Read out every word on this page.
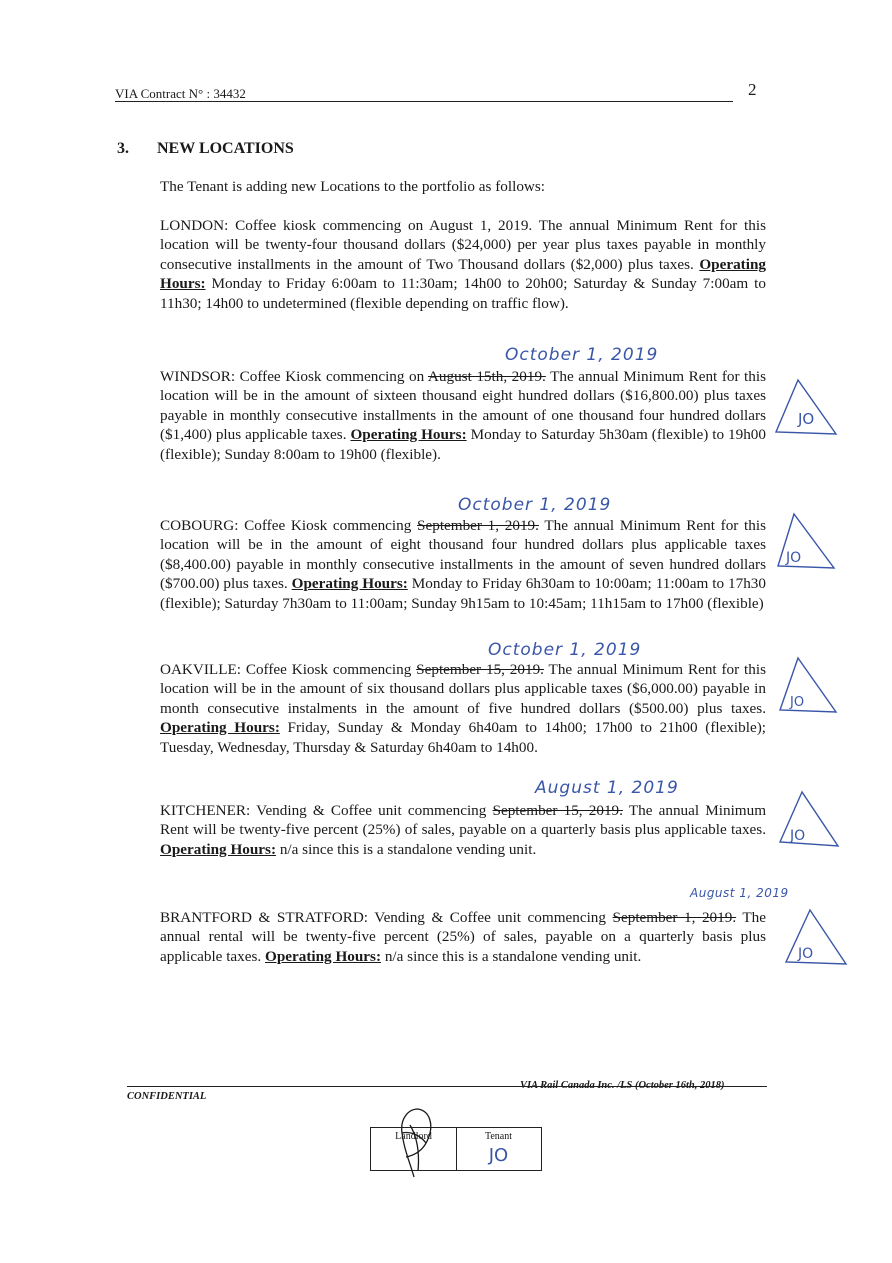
VIA Contract N° : 34432	2
3. NEW LOCATIONS

The Tenant is adding new Locations to the portfolio as follows:

LONDON: Coffee kiosk commencing on August 1, 2019. The annual Minimum Rent for this location will be twenty-four thousand dollars ($24,000) per year plus taxes payable in monthly consecutive installments in the amount of Two Thousand dollars ($2,000) plus taxes. Operating Hours: Monday to Friday 6:00am to 11:30am; 14h00 to 20h00; Saturday & Sunday 7:00am to 11h30; 14h00 to undetermined (flexible depending on traffic flow).

October 1, 2019

WINDSOR: Coffee Kiosk commencing on August 15th, 2019. The annual Minimum Rent for this location will be in the amount of sixteen thousand eight hundred dollars ($16,800.00) plus taxes payable in monthly consecutive installments in the amount of one thousand four hundred dollars ($1,400) plus applicable taxes. Operating Hours: Monday to Saturday 5h30am (flexible) to 19h00 (flexible); Sunday 8:00am to 19h00 (flexible).

JO
October 1, 2019

COBOURG: Coffee Kiosk commencing September 1, 2019. The annual Minimum Rent for this location will be in the amount of eight thousand four hundred dollars plus applicable taxes ($8,400.00) payable in monthly consecutive installments in the amount of seven hundred dollars ($700.00) plus taxes. Operating Hours: Monday to Friday 6h30am to 10:00am; 11:00am to 17h30 (flexible); Saturday 7h30am to 11:00am; Sunday 9h15am to 10:45am; 11h15am to 17h00 (flexible)

JO
October 1, 2019

OAKVILLE: Coffee Kiosk commencing September 15, 2019. The annual Minimum Rent for this location will be in the amount of six thousand dollars plus applicable taxes ($6,000.00) payable in month consecutive instalments in the amount of five hundred dollars ($500.00) plus taxes. Operating Hours: Friday, Sunday & Monday 6h40am to 14h00; 17h00 to 21h00 (flexible); Tuesday, Wednesday, Thursday & Saturday 6h40am to 14h00.

JO
August 1, 2019

KITCHENER: Vending & Coffee unit commencing September 15, 2019. The annual Minimum Rent will be twenty-five percent (25%) of sales, payable on a quarterly basis plus applicable taxes. Operating Hours: n/a since this is a standalone vending unit.

JO
August 1, 2019

BRANTFORD & STRATFORD: Vending & Coffee unit commencing September 1, 2019. The annual rental will be twenty-five percent (25%) of sales, payable on a quarterly basis plus applicable taxes. Operating Hours: n/a since this is a standalone vending unit.	JO
CONFIDENTIAL
Landlord	Tenant
JO
